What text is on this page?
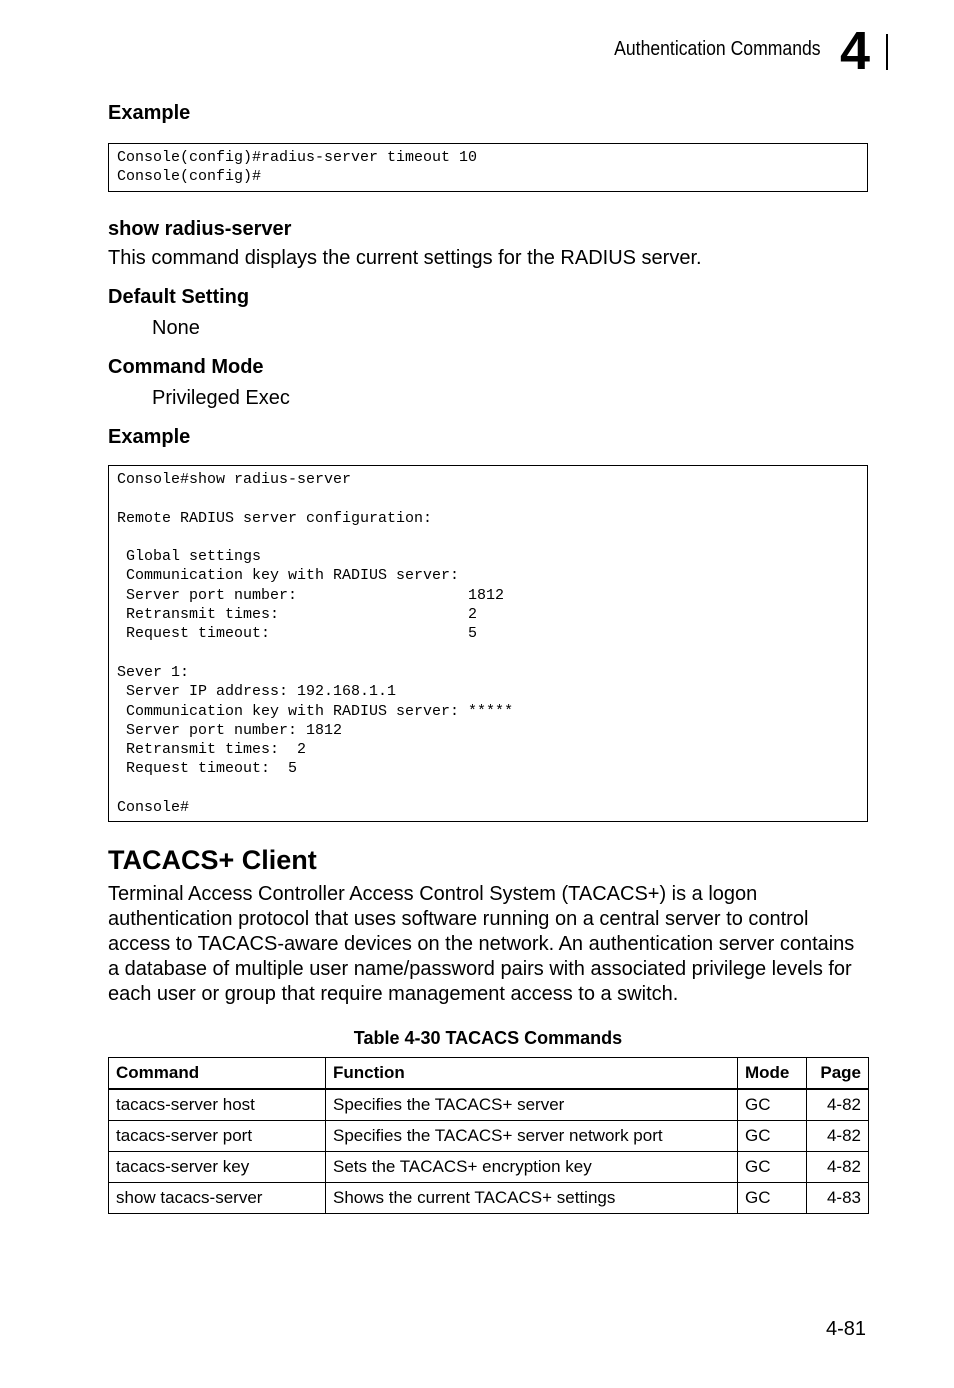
Authentication Commands 4
Example
Console(config)#radius-server timeout 10
Console(config)#
show radius-server
This command displays the current settings for the RADIUS server.
Default Setting
None
Command Mode
Privileged Exec
Example
Console#show radius-server

Remote RADIUS server configuration:

Global settings
Communication key with RADIUS server:
Server port number:                   1812
Retransmit times:                     2
Request timeout:                      5

Sever 1:
Server IP address: 192.168.1.1
Communication key with RADIUS server: *****
Server port number: 1812
Retransmit times:  2
Request timeout:  5

Console#
TACACS+ Client
Terminal Access Controller Access Control System (TACACS+) is a logon authentication protocol that uses software running on a central server to control access to TACACS-aware devices on the network. An authentication server contains a database of multiple user name/password pairs with associated privilege levels for each user or group that require management access to a switch.
Table 4-30 TACACS Commands
Command	Function	Mode	Page
tacacs-server host	Specifies the TACACS+ server	GC	4-82
tacacs-server port	Specifies the TACACS+ server network port	GC	4-82
tacacs-server key	Sets the TACACS+ encryption key	GC	4-82
show tacacs-server	Shows the current TACACS+ settings	GC	4-83
4-81
